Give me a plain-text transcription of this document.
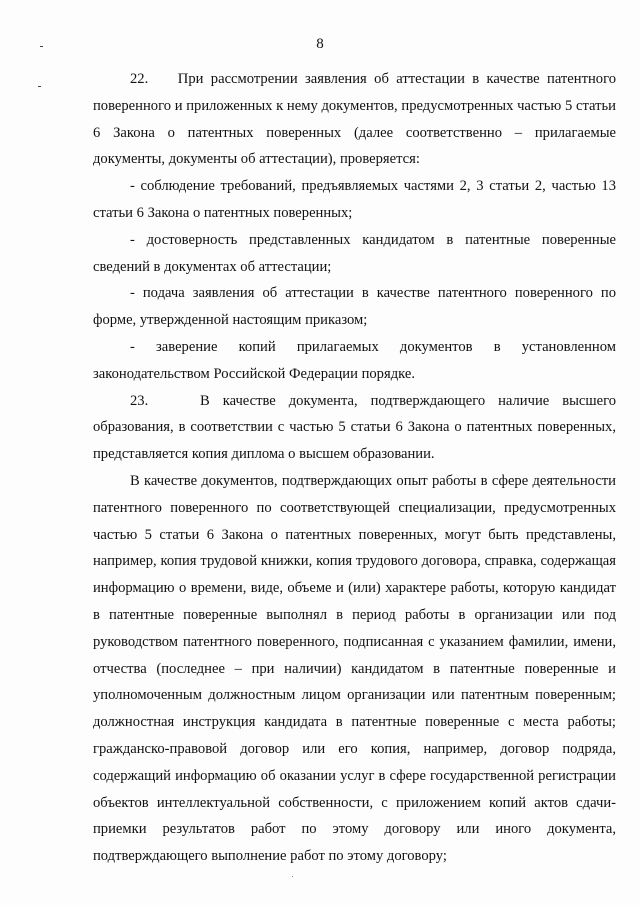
8

22.    При рассмотрении заявления об аттестации в качестве патентного поверенного и приложенных к нему документов, предусмотренных частью 5 статьи 6 Закона о патентных поверенных (далее соответственно – прилагаемые документы, документы об аттестации), проверяется:

- соблюдение требований, предъявляемых частями 2, 3 статьи 2, частью 13 статьи 6 Закона о патентных поверенных;

- достоверность представленных кандидатом в патентные поверенные сведений в документах об аттестации;

- подача заявления об аттестации в качестве патентного поверенного по форме, утвержденной настоящим приказом;

- заверение копий прилагаемых документов в установленном законодательством Российской Федерации порядке.

23.    В качестве документа, подтверждающего наличие высшего образования, в соответствии с частью 5 статьи 6 Закона о патентных поверенных, представляется копия диплома о высшем образовании.

В качестве документов, подтверждающих опыт работы в сфере деятельности патентного поверенного по соответствующей специализации, предусмотренных частью 5 статьи 6 Закона о патентных поверенных, могут быть представлены, например, копия трудовой книжки, копия трудового договора, справка, содержащая информацию о времени, виде, объеме и (или) характере работы, которую кандидат в патентные поверенные выполнял в период работы в организации или под руководством патентного поверенного, подписанная с указанием фамилии, имени, отчества (последнее – при наличии) кандидатом в патентные поверенные и уполномоченным должностным лицом организации или патентным поверенным; должностная инструкция кандидата в патентные поверенные с места работы; гражданско-правовой договор или его копия, например, договор подряда, содержащий информацию об оказании услуг в сфере государственной регистрации объектов интеллектуальной собственности, с приложением копий актов сдачи-приемки результатов работ по этому договору или иного документа, подтверждающего выполнение работ по этому договору;
